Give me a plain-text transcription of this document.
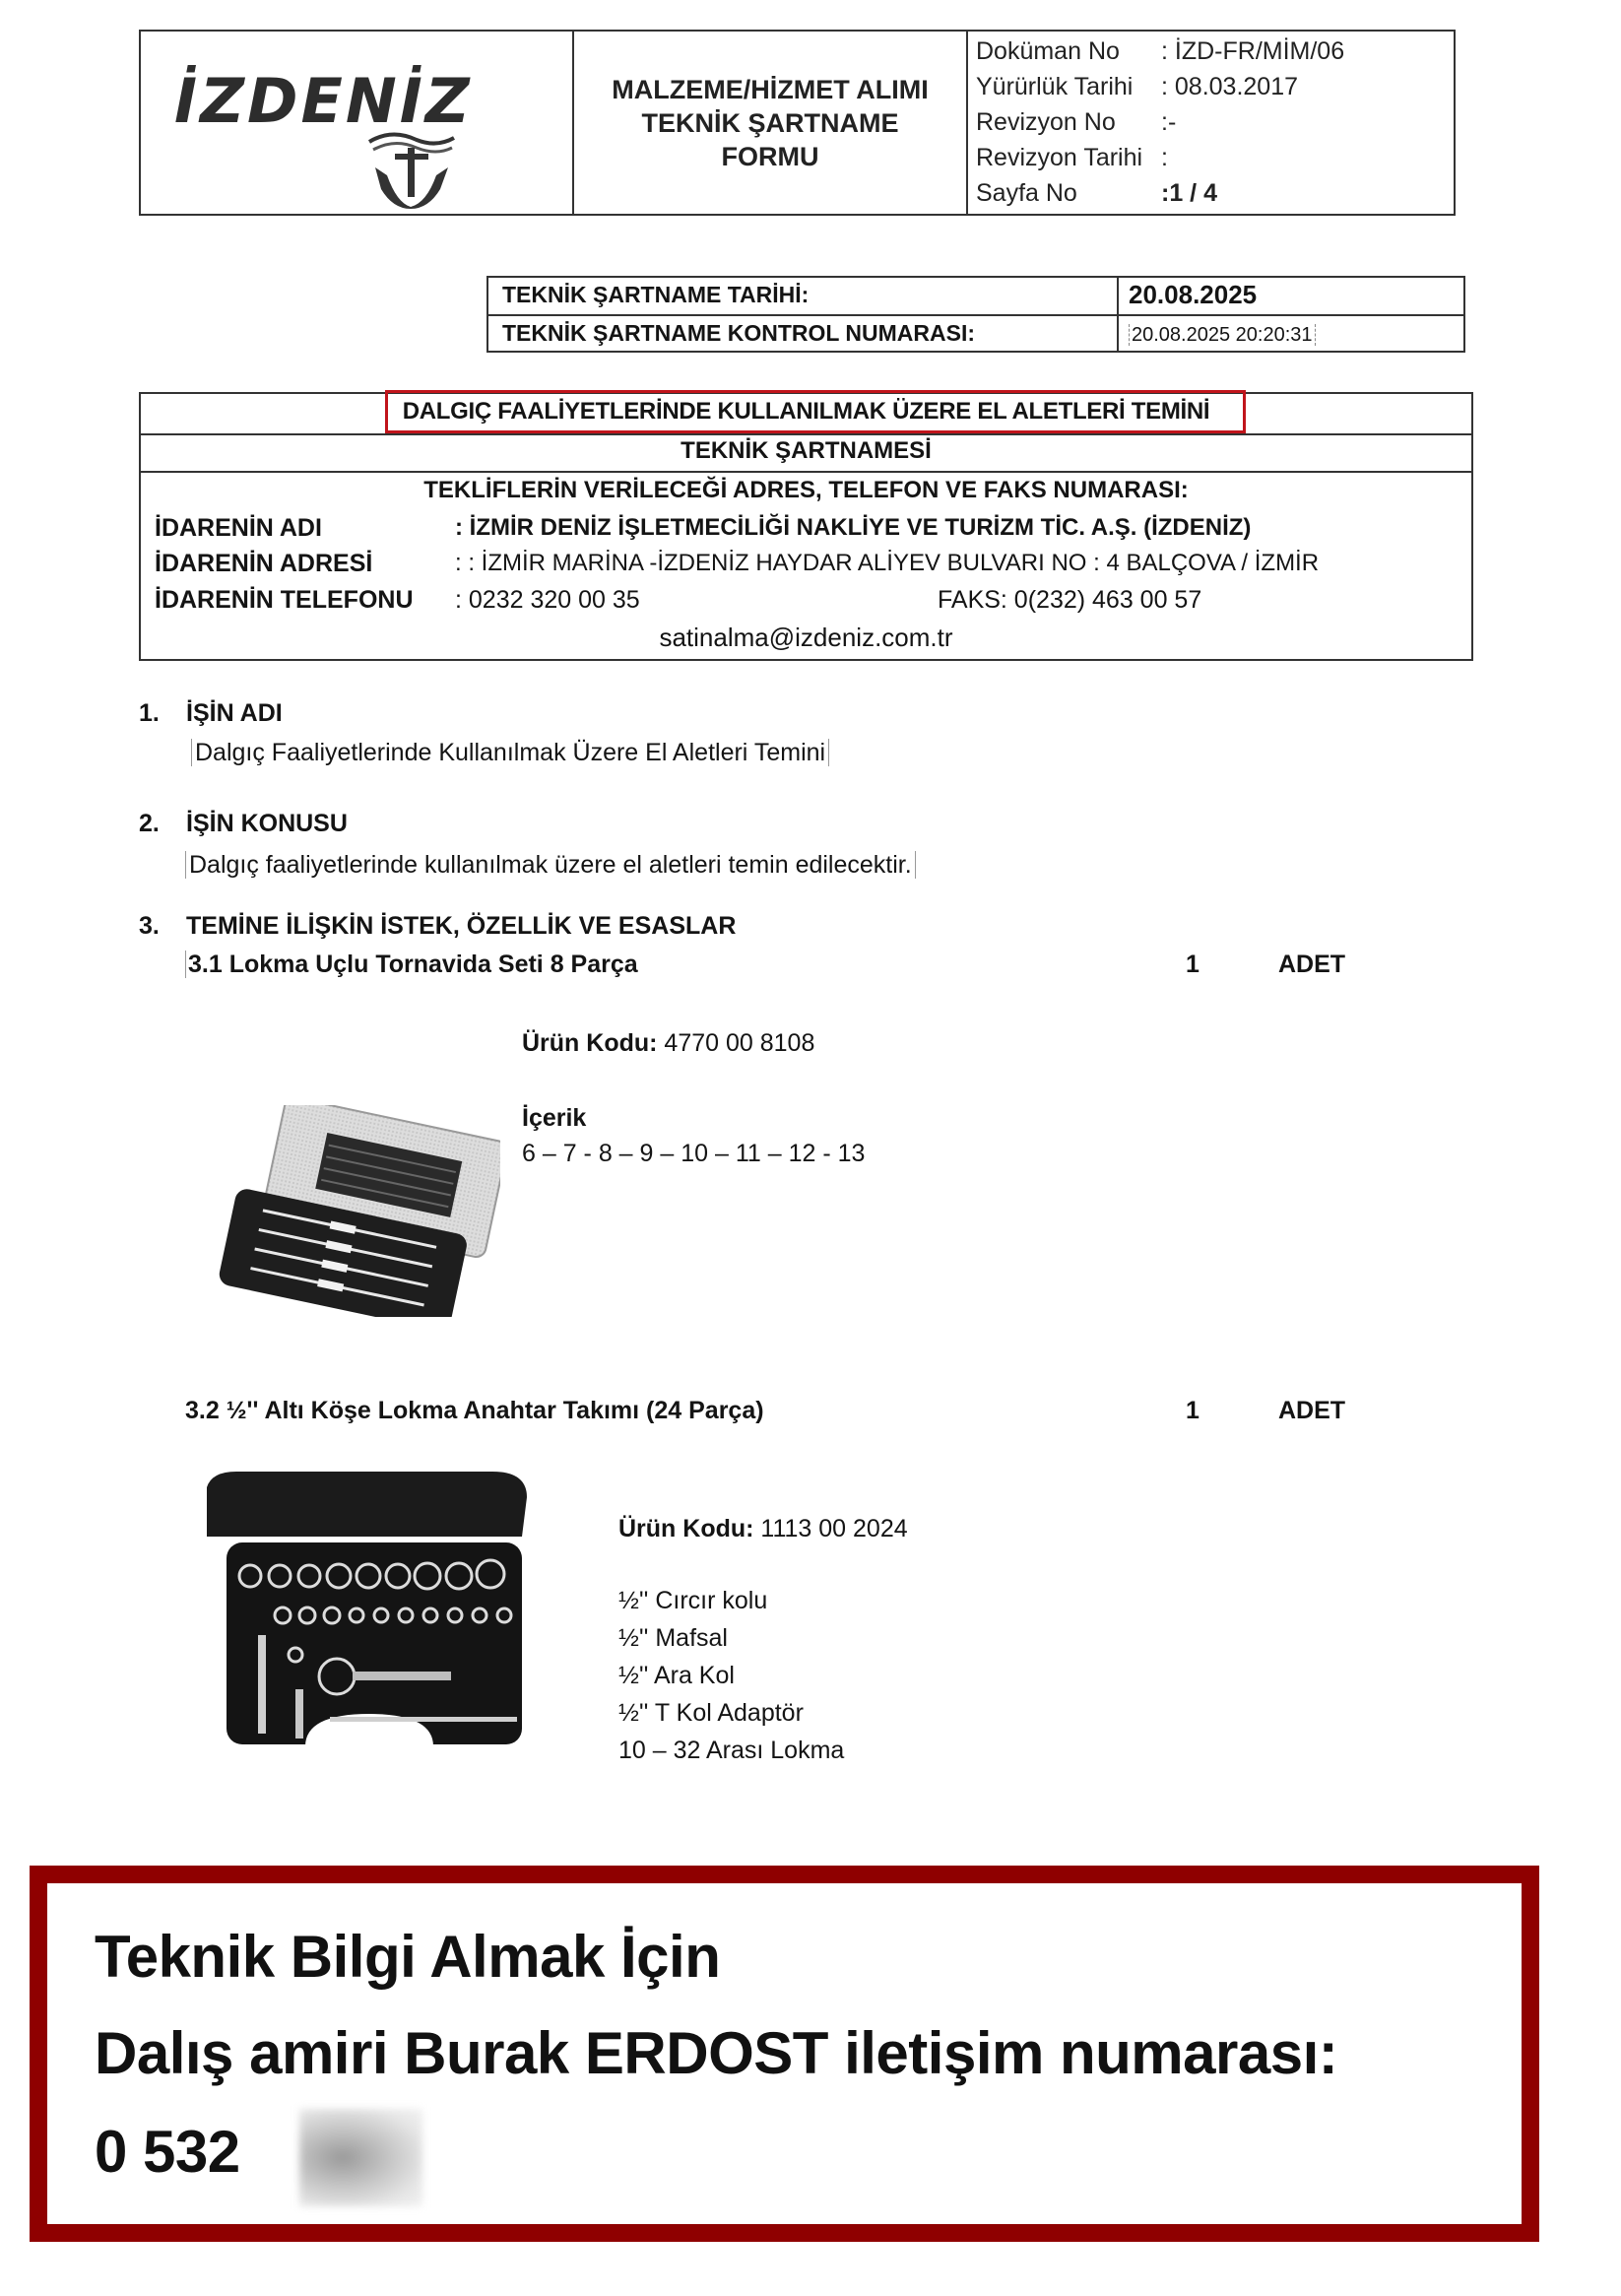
İZDENİZ	MALZEME/HİZMET ALIMI
TEKNİK ŞARTNAME
FORMU
Doküman No	: İZD-FR/MİM/06
Yürürlük Tarihi	: 08.03.2017
Revizyon No	:-
Revizyon Tarihi :
Sayfa No	:1 / 4
TEKNİK ŞARTNAME TARİHİ:	20.08.2025
TEKNİK ŞARTNAME KONTROL NUMARASI:	20.08.2025 20:20:31
DALGIÇ FAALİYETLERİNDE KULLANILMAK ÜZERE EL ALETLERİ TEMİNİ
TEKNİK ŞARTNAMESİ
TEKLİFLERİN VERİLECEĞİ ADRES, TELEFON VE FAKS NUMARASI:
İDARENİN ADI	: İZMİR DENİZ İŞLETMECİLİĞİ NAKLİYE VE TURİZM TİC. A.Ş. (İZDENİZ)
İDARENİN ADRESİ	: : İZMİR MARİNA -İZDENİZ HAYDAR ALİYEV BULVARI NO : 4 BALÇOVA / İZMİR
İDARENİN TELEFONU	: 0232 320 00 35	FAKS: 0(232) 463 00 57
satinalma@izdeniz.com.tr
1. İŞİN ADI
Dalgıç Faaliyetlerinde Kullanılmak Üzere El Aletleri Temini
2. İŞİN KONUSU
Dalgıç faaliyetlerinde kullanılmak üzere el aletleri temin edilecektir.
3. TEMİNE İLİŞKİN İSTEK, ÖZELLİK VE ESASLAR
3.1 Lokma Uçlu Tornavida Seti 8 Parça	1	ADET
Ürün Kodu: 4770 00 8108
İçerik
6 – 7 - 8 – 9 – 10 – 11 – 12 - 13
3.2 ½'' Altı Köşe Lokma Anahtar Takımı (24 Parça)	1	ADET
Ürün Kodu: 1113 00 2024
½'' Cırcır kolu
½'' Mafsal
½'' Ara Kol
½'' T Kol Adaptör
10 – 32 Arası Lokma
Teknik Bilgi Almak İçin
Dalış amiri Burak ERDOST iletişim numarası:
0 532
